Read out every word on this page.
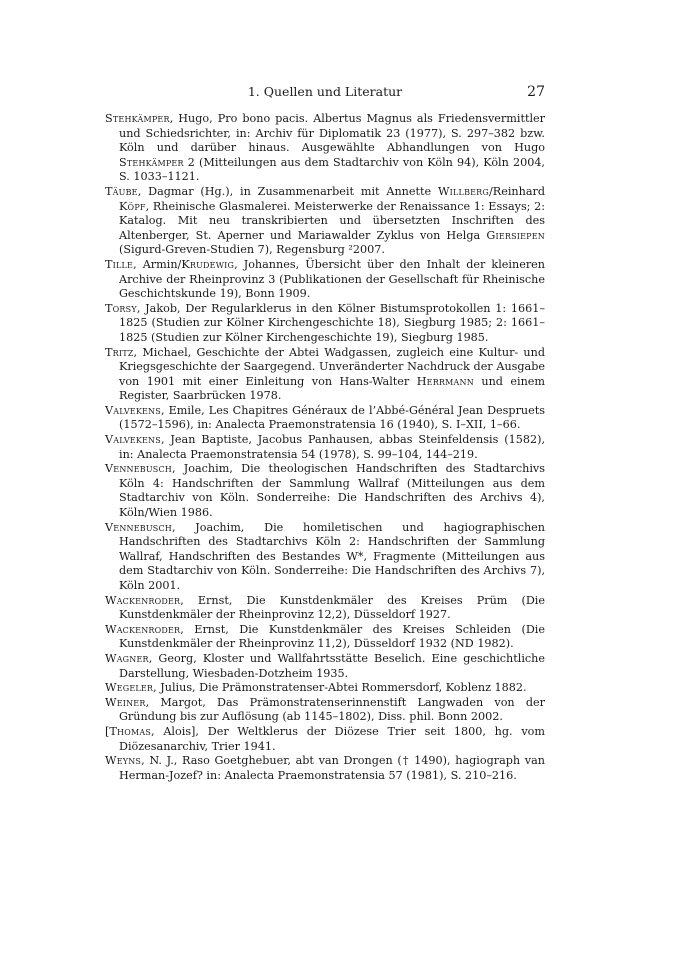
1. Quellen und Literatur	27

Stehkämper, Hugo, Pro bono pacis. Albertus Magnus als Friedensvermittler und Schiedsrichter, in: Archiv für Diplomatik 23 (1977), S. 297–382 bzw. Köln und darüber hinaus. Ausgewählte Abhandlungen von Hugo Stehkämper 2 (Mitteilungen aus dem Stadtarchiv von Köln 94), Köln 2004, S. 1033–1121.

Täube, Dagmar (Hg.), in Zusammenarbeit mit Annette Willberg/Reinhard Köpf, Rheinische Glasmalerei. Meisterwerke der Renaissance 1: Essays; 2: Katalog. Mit neu transkribierten und übersetzten Inschriften des Altenberger, St. Aperner und Mariawalder Zyklus von Helga Giersiepen (Sigurd-Greven-Studien 7), Regensburg ²2007.

Tille, Armin/Krudewig, Johannes, Übersicht über den Inhalt der kleineren Archive der Rheinprovinz 3 (Publikationen der Gesellschaft für Rheinische Geschichtskunde 19), Bonn 1909.

Torsy, Jakob, Der Regularklerus in den Kölner Bistumsprotokollen 1: 1661–1825 (Studien zur Kölner Kirchengeschichte 18), Siegburg 1985; 2: 1661–1825 (Studien zur Kölner Kirchengeschichte 19), Siegburg 1985.

Tritz, Michael, Geschichte der Abtei Wadgassen, zugleich eine Kultur- und Kriegsgeschichte der Saargegend. Unveränderter Nachdruck der Ausgabe von 1901 mit einer Einleitung von Hans-Walter Herrmann und einem Register, Saarbrücken 1978.

Valvekens, Emile, Les Chapitres Généraux de l’Abbé-Général Jean Despruets (1572–1596), in: Analecta Praemonstratensia 16 (1940), S. I–XII, 1–66.

Valvekens, Jean Baptiste, Jacobus Panhausen, abbas Steinfeldensis (1582), in: Analecta Praemonstratensia 54 (1978), S. 99–104, 144–219.

Vennebusch, Joachim, Die theologischen Handschriften des Stadtarchivs Köln 4: Handschriften der Sammlung Wallraf (Mitteilungen aus dem Stadtarchiv von Köln. Sonderreihe: Die Handschriften des Archivs 4), Köln/Wien 1986.

Vennebusch, Joachim, Die homiletischen und hagiographischen Handschriften des Stadtarchivs Köln 2: Handschriften der Sammlung Wallraf, Handschriften des Bestandes W*, Fragmente (Mitteilungen aus dem Stadtarchiv von Köln. Sonderreihe: Die Handschriften des Archivs 7), Köln 2001.

Wackenroder, Ernst, Die Kunstdenkmäler des Kreises Prüm (Die Kunstdenkmäler der Rheinprovinz 12,2), Düsseldorf 1927.

Wackenroder, Ernst, Die Kunstdenkmäler des Kreises Schleiden (Die Kunstdenkmäler der Rheinprovinz 11,2), Düsseldorf 1932 (ND 1982).

Wagner, Georg, Kloster und Wallfahrtsstätte Beselich. Eine geschichtliche Darstellung, Wiesbaden-Dotzheim 1935.

Wegeler, Julius, Die Prämonstratenser-Abtei Rommersdorf, Koblenz 1882.

Weiner, Margot, Das Prämonstratenserinnenstift Langwaden von der Gründung bis zur Auflösung (ab 1145–1802), Diss. phil. Bonn 2002.

[Thomas, Alois], Der Weltklerus der Diözese Trier seit 1800, hg. vom Diözesanarchiv, Trier 1941.

Weyns, N. J., Raso Goetghebuer, abt van Drongen († 1490), hagiograph van Herman-Jozef? in: Analecta Praemonstratensia 57 (1981), S. 210–216.
